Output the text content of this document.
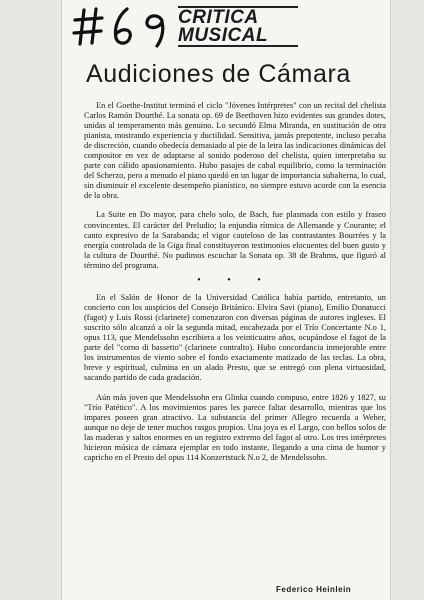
CRITICA
MUSICAL
Audiciones de Cámara

En el Goethe-Institut terminó el ciclo "Jóvenes Intérpretes" con un recital del chelista Carlos Ramón Dourthé. La sonata op. 69 de Beethoven hizo evidentes sus grandes dotes, unidas al temperamento más genuino. Lo secundó Elma Miranda, en sustitución de otra pianista, mostrando experiencia y ductilidad. Sensitiva, jamás prepotente, incluso pecaba de discreción, cuando obedecía demasiado al pie de la letra las indicaciones dinámicas del compositor en vez de adaptarse al sonido poderoso del chelista, quien interpretaba su parte con cálido apasionamiento. Hubo pasajes de cabal equilibrio, como la terminación del Scherzo, pero a menudo el piano quedó en un lugar de importancia subalterna, lo cual, sin disminuir el excelente desempeño pianístico, no siempre estuvo acorde con la esencia de la obra.

La Suite en Do mayor, para chelo solo, de Bach, fue plasmada con estilo y fraseo convincentes. El carácter del Preludio; la enjundia rítmica de Allemande y Courante; el canto expresivo de la Sarabanda; el vigor cauteloso de las contrastantes Bourrées y la energía controlada de la Giga final constituyeron testimonios elocuentes del buen gusto y la cultura de Dourthé. No pudimos escuchar la Sonata op. 38 de Brahms, que figuró al término del programa.

• • •

En el Salón de Honor de la Universidad Católica había partido, entretanto, un concierto con los auspicios del Consejo Británico. Elvira Savi (piano), Emilio Donatucci (fagot) y Luis Rossi (clarinete) comenzaron con diversas páginas de autores ingleses. El suscrito sólo alcanzó a oír la segunda mitad, encabezada por el Trío Concertante N.o 1, opus 113, que Mendelssohn escribiera a los veinticuatro años, ocupándose el fagot de la parte del "corno di bassetto" (clarinete contralto). Hubo concordancia inmejorable entre los instrumentos de viento sobre el fondo exactamente matizado de las teclas. La obra, breve y espiritual, culmina en un alado Presto, que se entregó con plena virtuosidad, sacando partido de cada gradación.

Aún más joven que Mendelssohn era Glinka cuando compuso, entre 1826 y 1827, su "Trío Patético". A los movimientos pares les parece faltar desarrollo, mientras que los impares poseen gran atractivo. La substancia del primer Allegro recuerda a Weber, aunque no deje de tener muchos rasgos propios. Una joya es el Largo, con bellos solos de las maderas y saltos enormes en un registro extremo del fagot al otro. Los tres intérpretes hicieron música de cámara ejemplar en todo instante, llegando a una cima de humor y capricho en el Presto del opus 114 Konzertstuck N.o 2, de Mendelssohn.

Federico Heinlein
